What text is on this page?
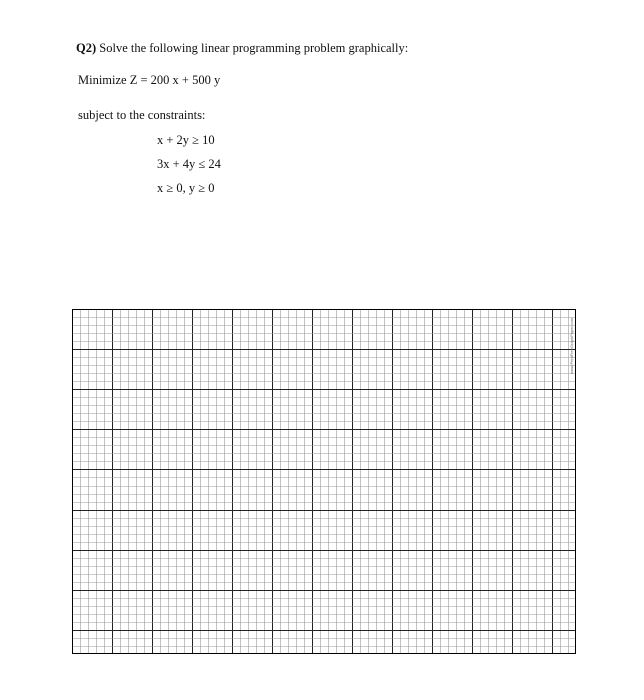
Q2) Solve the following linear programming problem graphically:
Minimize Z = 200 x + 500 y
subject to the constraints:
x + 2y ≥ 10
3x + 4y ≤ 24
x ≥ 0, y ≥ 0
www.PrintFreeGraphPaper.com
